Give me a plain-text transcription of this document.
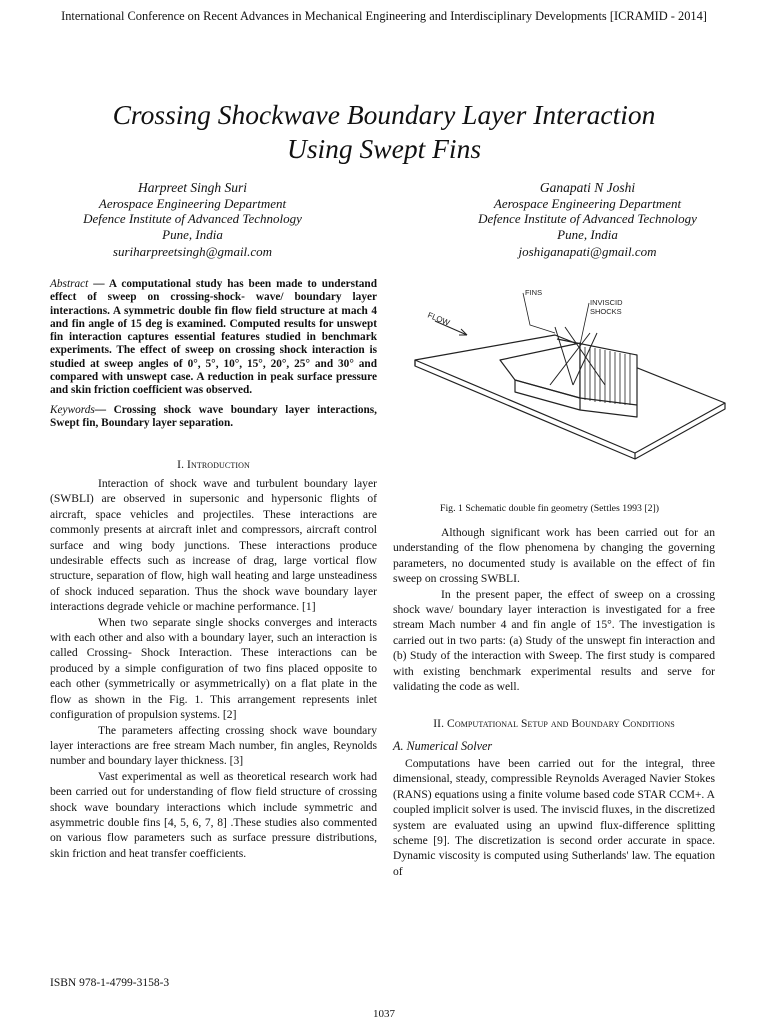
International Conference on Recent Advances in Mechanical Engineering and Interdisciplinary Developments [ICRAMID - 2014]
Crossing Shockwave Boundary Layer Interaction
Using Swept Fins
Harpreet Singh Suri
Aerospace Engineering Department
Defence Institute of Advanced Technology
Pune, India
suriharpreetsingh@gmail.com
Ganapati N Joshi
Aerospace Engineering Department
Defence Institute of Advanced Technology
Pune, India
joshiganapati@gmail.com
Abstract — A computational study has been made to understand effect of sweep on crossing-shock- wave/ boundary layer interactions. A symmetric double fin flow field structure at mach 4 and fin angle of 15 deg is examined. Computed results for unswept fin interaction captures essential features studied in benchmark experiments. The effect of sweep on crossing shock interaction is studied at sweep angles of 0°, 5°, 10°, 15°, 20°, 25° and 30° and compared with unswept case. A reduction in peak surface pressure and skin friction coefficient was observed.
Keywords— Crossing shock wave boundary layer interactions, Swept fin, Boundary layer separation.
I. Introduction

Interaction of shock wave and turbulent boundary layer (SWBLI) are observed in supersonic and hypersonic flights of aircraft, space vehicles and projectiles. These interactions are commonly presents at aircraft inlet and compressors, aircraft control surface and wing body junctions. These interactions produce undesirable effects such as increase of drag, large vortical flow structure, separation of flow, high wall heating and large unsteadiness of shock induced separation. Thus the shock wave boundary layer interactions degrade vehicle or machine performance. [1]

When two separate single shocks converges and interacts with each other and also with a boundary layer, such an interaction is called Crossing- Shock Interaction. These interactions can be produced by a simple configuration of two fins placed opposite to each other (symmetrically or asymmetrically) on a flat plate in the flow as shown in the Fig. 1. This arrangement represents inlet configuration of propulsion systems. [2]

The parameters affecting crossing shock wave boundary layer interactions are free stream Mach number, fin angles, Reynolds number and boundary layer thickness. [3]

Vast experimental as well as theoretical research work had been carried out for understanding of flow field structure of crossing shock wave boundary interactions which include symmetric and asymmetric double fins [4, 5, 6, 7, 8] .These studies also commented on various flow parameters such as surface pressure distributions, skin friction and heat transfer coefficients.

FINS
INVISCID
SHOCKS
FLOW
Fig. 1 Schematic double fin geometry (Settles 1993 [2])

Although significant work has been carried out for an understanding of the flow phenomena by changing the governing parameters, no documented study is available on the effect of fin sweep on crossing SWBLI.

In the present paper, the effect of sweep on a crossing shock wave/ boundary layer interaction is investigated for a free stream Mach number 4 and fin angle of 15°. The investigation is carried out in two parts: (a) Study of the unswept fin interaction and (b) Study of the interaction with Sweep. The first study is compared with existing benchmark experimental results and serve for validating the code as well.

II. Computational Setup and Boundary Conditions
A. Numerical Solver

Computations have been carried out for the integral, three dimensional, steady, compressible Reynolds Averaged Navier Stokes (RANS) equations using a finite volume based code STAR CCM+. A coupled implicit solver is used. The inviscid fluxes, in the discretized system are evaluated using an upwind flux-difference splitting scheme [9]. The discretization is second order accurate in space. Dynamic viscosity is computed using Sutherlands' law. The equation of

ISBN 978-1-4799-3158-3
1037
